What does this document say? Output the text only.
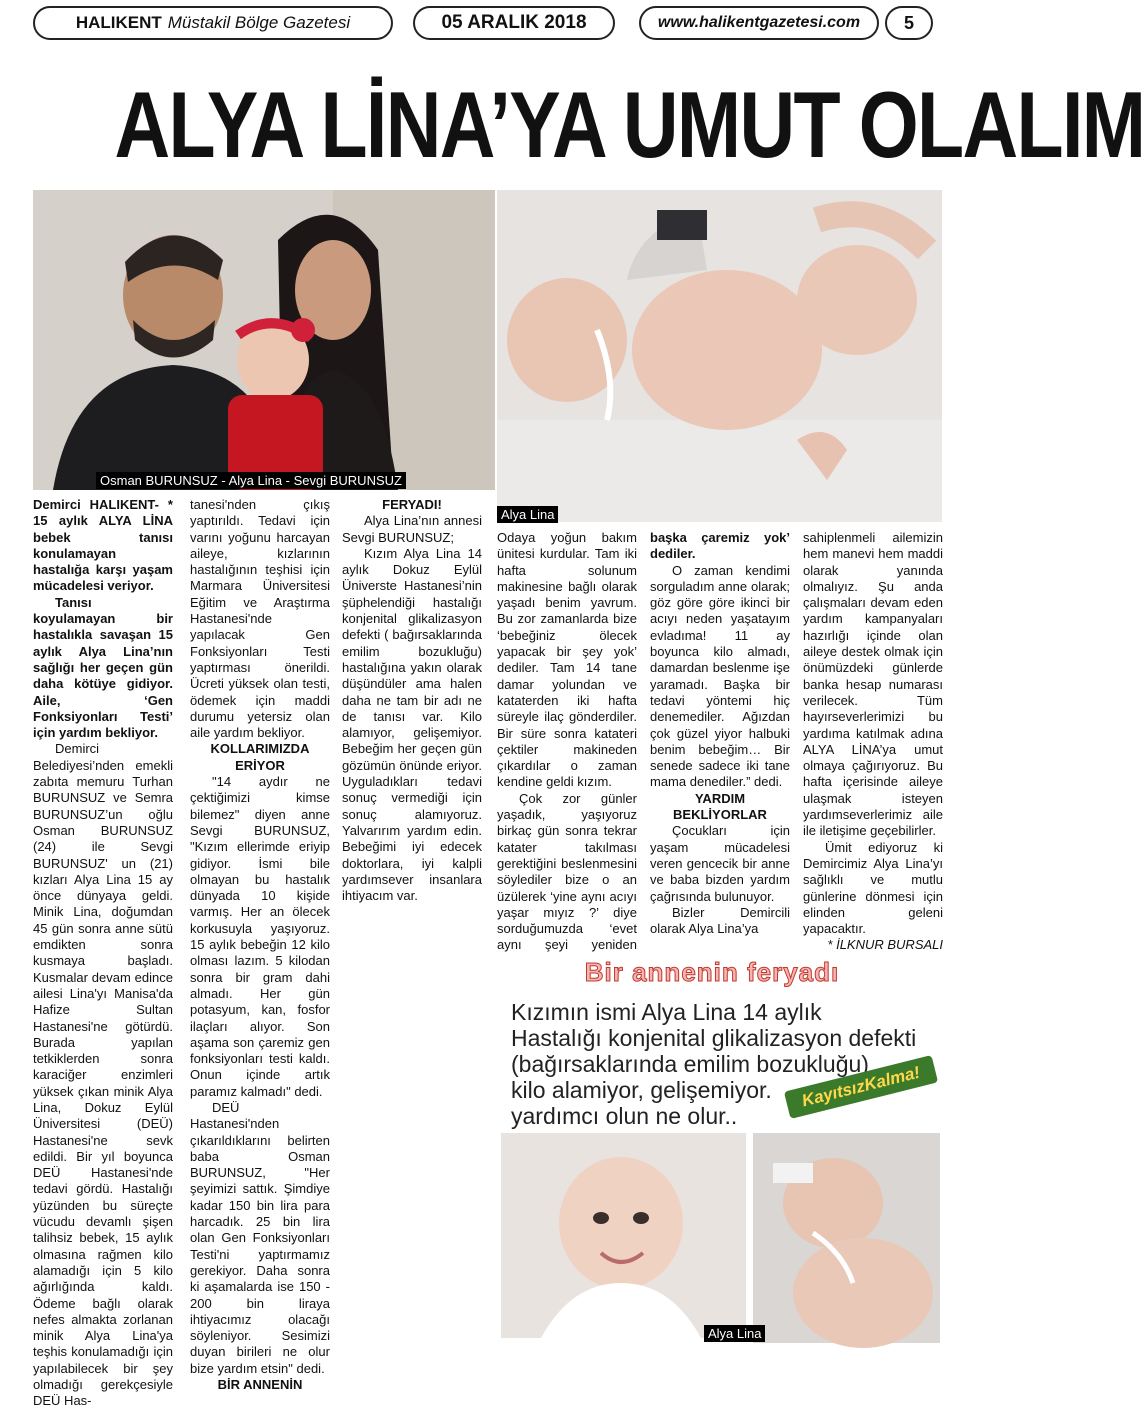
HALIKENT Müstakil Bölge Gazetesi	05 ARALIK 2018	www.halikentgazetesi.com	5
ALYA LİNA’YA UMUT OLALIM
Osman BURUNSUZ - Alya Lina - Sevgi BURUNSUZ
Alya Lina

Demirci HALIKENT- * 15 aylık ALYA LİNA bebek tanısı konulamayan hastalığa karşı yaşam mücadelesi veriyor.

Tanısı koyulamayan bir hastalıkla savaşan 15 aylık Alya Lina’nın sağlığı her geçen gün daha kötüye gidiyor. Aile, ‘Gen Fonksiyonları Testi’ için yardım bekliyor.

Demirci Belediyesi’nden emekli zabıta memuru Turhan BURUNSUZ ve Semra BURUNSUZ’un oğlu Osman BURUNSUZ (24) ile Sevgi BURUNSUZ' un (21) kızları Alya Lina 15 ay önce dünyaya geldi. Minik Lina, doğumdan 45 gün sonra anne sütü emdikten sonra kusmaya başladı. Kusmalar devam edince ailesi Lina'yı Manisa'da Hafize Sultan Hastanesi'ne götürdü. Burada yapılan tetkiklerden sonra karaciğer enzimleri yüksek çıkan minik Alya Lina, Dokuz Eylül Üniversitesi (DEÜ) Hastanesi'ne sevk edildi. Bir yıl boyunca DEÜ Hastanesi'nde tedavi gördü. Hastalığı yüzünden bu süreçte vücudu devamlı şişen talihsiz bebek, 15 aylık olmasına rağmen kilo alamadığı için 5 kilo ağırlığında kaldı. Ödeme bağlı olarak nefes almakta zorlanan minik Alya Lina'ya teşhis konulamadığı için yapılabilecek bir şey olmadığı gerekçesiyle DEÜ Has-

tanesi'nden çıkış yaptırıldı. Tedavi için varını yoğunu harcayan aileye, kızlarının hastalığının teşhisi için Marmara Üniversitesi Eğitim ve Araştırma Hastanesi'nde yapılacak Gen Fonksiyonları Testi yaptırması önerildi. Ücreti yüksek olan testi, ödemek için maddi durumu yetersiz olan aile yardım bekliyor.

KOLLARIMIZDA ERİYOR

"14 aydır ne çektiğimizi kimse bilemez" diyen anne Sevgi BURUNSUZ, "Kızım ellerimde eriyip gidiyor. İsmi bile olmayan bu hastalık dünyada 10 kişide varmış. Her an ölecek korkusuyla yaşıyoruz. 15 aylık bebeğin 12 kilo olması lazım. 5 kilodan sonra bir gram dahi almadı. Her gün potasyum, kan, fosfor ilaçları alıyor. Son aşama son çaremiz gen fonksiyonları testi kaldı. Onun içinde artık paramız kalmadı" dedi.

DEÜ Hastanesi'nden çıkarıldıklarını belirten baba Osman BURUNSUZ, "Her şeyimizi sattık. Şimdiye kadar 150 bin lira para harcadık. 25 bin lira olan Gen Fonksiyonları Testi'ni yaptırmamız gerekiyor. Daha sonra ki aşamalarda ise 150 - 200 bin liraya ihtiyacımız olacağı söyleniyor. Sesimizi duyan birileri ne olur bize yardım etsin" dedi.

BİR ANNENİN

FERYADI!

Alya Lina’nın annesi Sevgi BURUNSUZ;

Kızım Alya Lina 14 aylık Dokuz Eylül Üniverste Hastanesi’nin şüphelendiği hastalığı konjenital glikalizasyon defekti ( bağırsaklarında emilim bozukluğu) hastalığına yakın olarak düşündüler ama halen daha ne tam bir adı ne de tanısı var. Kilo alamıyor, gelişemiyor. Bebeğim her geçen gün gözümün önünde eriyor. Uyguladıkları tedavi sonuç vermediği için sonuç alamıyoruz. Yalvarırım yardım edin. Bebeğimi iyi edecek doktorlara, iyi kalpli yardımsever insanlara ihtiyacım var.

Odaya yoğun bakım ünitesi kurdular. Tam iki hafta solunum makinesine bağlı olarak yaşadı benim yavrum. Bu zor zamanlarda bize ‘bebeğiniz ölecek yapacak bir şey yok’ dediler. Tam 14 tane damar yolundan ve kataterden iki hafta süreyle ilaç gönderdiler. Bir süre sonra katateri çektiler makineden çıkardılar o zaman kendine geldi kızım.

Çok zor günler yaşadık, yaşıyoruz birkaç gün sonra tekrar katater takılması gerektiğini beslenmesini söylediler bize o an üzülerek ‘yine aynı acıyı yaşar mıyız ?’ diye sorduğumuzda ‘evet aynı şeyi yeniden

başka çaremiz yok’ dediler.

O zaman kendimi sorguladım anne olarak; göz göre göre ikinci bir acıyı neden yaşatayım evladıma! 11 ay boyunca kilo almadı, damardan beslenme işe yaramadı. Başka bir tedavi yöntemi hiç denemediler. Ağızdan çok güzel yiyor halbuki benim bebeğim… Bir senede sadece iki tane mama denediler.” dedi.

YARDIM BEKLİYORLAR

Çocukları için yaşam mücadelesi veren gencecik bir anne ve baba bizden yardım çağrısında bulunuyor.

Bizler Demircili olarak Alya Lina’ya

sahiplenmeli ailemizin hem manevi hem maddi olarak yanında olmalıyız. Şu anda çalışmaları devam eden yardım kampanyaları hazırlığı içinde olan aileye destek olmak için önümüzdeki günlerde banka hesap numarası verilecek. Tüm hayırseverlerimizi bu yardıma katılmak adına ALYA LİNA’ya umut olmaya çağırıyoruz. Bu hafta içerisinde aileye ulaşmak isteyen yardımseverlerimiz aile ile iletişime geçebilirler.

Ümit ediyoruz ki Demircimiz Alya Lina’yı sağlıklı ve mutlu günlerine dönmesi için elinden geleni yapacaktır.

* İLKNUR BURSALI

Bir annenin feryadı
Kızımın ismi Alya Lina 14 aylık
Hastalığı konjenital glikalizasyon defekti
(bağırsaklarında emilim bozukluğu)
kilo alamiyor, gelişemiyor.
yardımcı olun ne olur..
KayıtsızKalma!
Alya Lina
